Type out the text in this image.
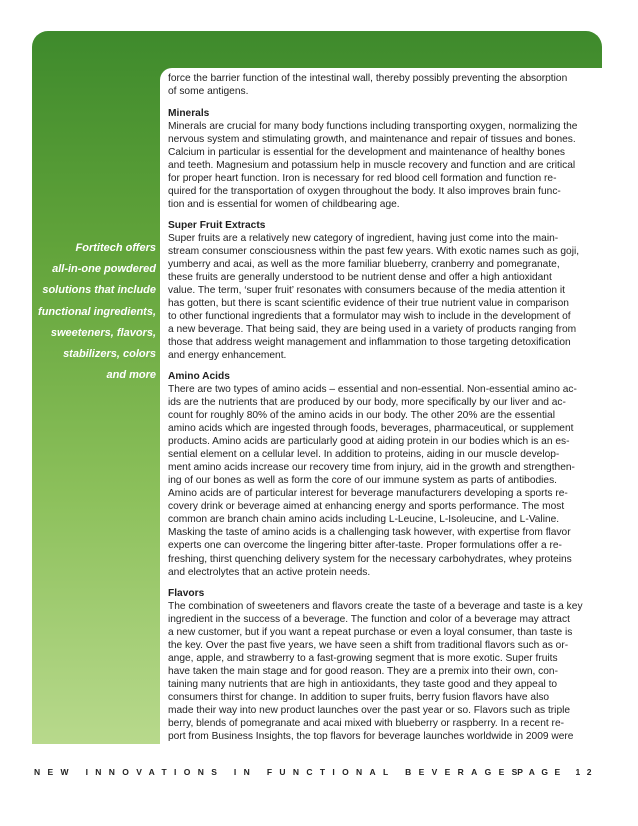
Fortitech offers
all-in-one powdered
solutions that include
functional ingredients,
sweeteners, flavors,
stabilizers, colors
and more

force the barrier function of the intestinal wall, thereby possibly preventing the absorption
of some antigens.

Minerals

Minerals are crucial for many body functions including transporting oxygen, normalizing the
nervous system and stimulating growth, and maintenance and repair of tissues and bones.
Calcium in particular is essential for the development and maintenance of healthy bones
and teeth. Magnesium and potassium help in muscle recovery and function and are critical
for proper heart function. Iron is necessary for red blood cell formation and function re-
quired for the transportation of oxygen throughout the body. It also improves brain func-
tion and is essential for women of childbearing age.

Super Fruit Extracts

Super fruits are a relatively new category of ingredient, having just come into the main-
stream consumer consciousness within the past few years. With exotic names such as goji,
yumberry and acai, as well as the more familiar blueberry, cranberry and pomegranate,
these fruits are generally understood to be nutrient dense and offer a high antioxidant
value. The term, ‘super fruit’ resonates with consumers because of the media attention it
has gotten, but there is scant scientific evidence of their true nutrient value in comparison
to other functional ingredients that a formulator may wish to include in the development of
a new beverage. That being said, they are being used in a variety of products ranging from
those that address weight management and inflammation to those targeting detoxification
and energy enhancement.

Amino Acids

There are two types of amino acids – essential and non-essential. Non-essential amino ac-
ids are the nutrients that are produced by our body, more specifically by our liver and ac-
count for roughly 80% of the amino acids in our body. The other 20% are the essential
amino acids which are ingested through foods, beverages, pharmaceutical, or supplement
products. Amino acids are particularly good at aiding protein in our bodies which is an es-
sential element on a cellular level. In addition to proteins, aiding in our muscle develop-
ment amino acids increase our recovery time from injury, aid in the growth and strengthen-
ing of our bones as well as form the core of our immune system as parts of antibodies.
Amino acids are of particular interest for beverage manufacturers developing a sports re-
covery drink or beverage aimed at enhancing energy and sports performance. The most
common are branch chain amino acids including L-Leucine, L-Isoleucine, and L-Valine.
Masking the taste of amino acids is a challenging task however, with expertise from flavor
experts one can overcome the lingering bitter after-taste. Proper formulations offer a re-
freshing, thirst quenching delivery system for the necessary carbohydrates, whey proteins
and electrolytes that an active protein needs.

Flavors

The combination of sweeteners and flavors create the taste of a beverage and taste is a key
ingredient in the success of a beverage. The function and color of a beverage may attract
a new customer, but if you want a repeat purchase or even a loyal consumer, than taste is
the key. Over the past five years, we have seen a shift from traditional flavors such as or-
ange, apple, and strawberry to a fast-growing segment that is more exotic. Super fruits
have taken the main stage and for good reason. They are a premix into their own, con-
taining many nutrients that are high in antioxidants, they taste good and they appeal to
consumers thirst for change. In addition to super fruits, berry fusion flavors have also
made their way into new product launches over the past year or so. Flavors such as triple
berry, blends of pomegranate and acai mixed with blueberry or raspberry. In a recent re-
port from Business Insights, the top flavors for beverage launches worldwide in 2009 were

NEW INNOVATIONS IN FUNCTIONAL BEVERAGES
PAGE 12
